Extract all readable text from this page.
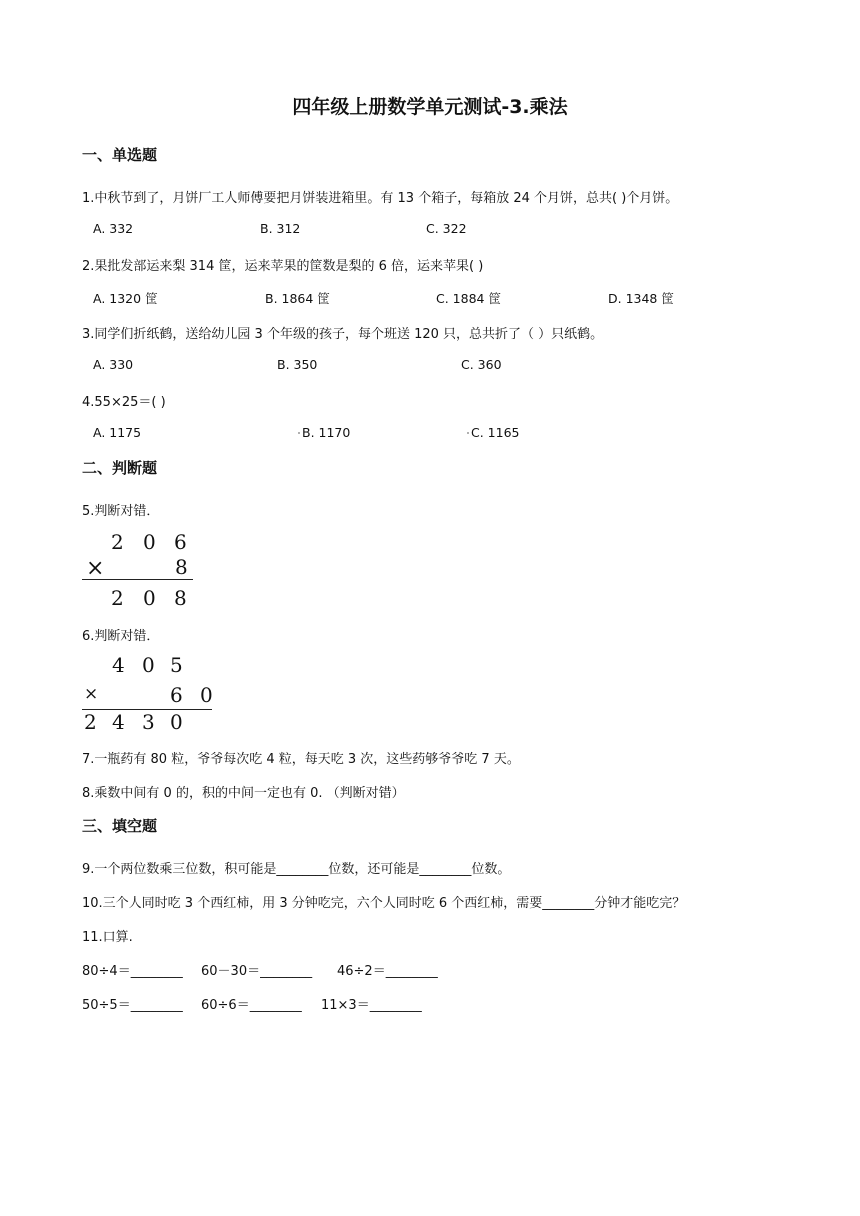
四年级上册数学单元测试-3.乘法
一、单选题
1.中秋节到了，月饼厂工人师傅要把月饼装进箱里。有 13 个箱子，每箱放 24 个月饼，总共( )个月饼。
A. 332	B. 312	C. 322
2.果批发部运来梨 314 筐，运来苹果的筐数是梨的 6 倍，运来苹果( )
A. 1320 筐	B. 1864 筐	C. 1884 筐	D. 1348 筐
3.同学们折纸鹤，送给幼儿园 3 个年级的孩子，每个班送 120 只，总共折了（ ）只纸鹤。
A. 330	B. 350	C. 360
4.55×25＝( )
A. 1175	B. 1170	C. 1165
二、判断题
5.判断对错．
2 0 6
×	8
2 0 8
6.判断对错．
4 0 5
×	6 0
2 4 3 0
7.一瓶药有 80 粒，爷爷每次吃 4 粒，每天吃 3 次，这些药够爷爷吃 7 天。
8.乘数中间有 0 的，积的中间一定也有 0. （判断对错）
三、填空题
9.一个两位数乘三位数，积可能是________位数，还可能是________位数。
10.三个人同时吃 3 个西红柿，用 3 分钟吃完，六个人同时吃 6 个西红柿，需要________分钟才能吃完？
11.口算.
80÷4＝________ 60－30＝________ 46÷2＝________
50÷5＝________ 60÷6＝________ 11×3＝________
